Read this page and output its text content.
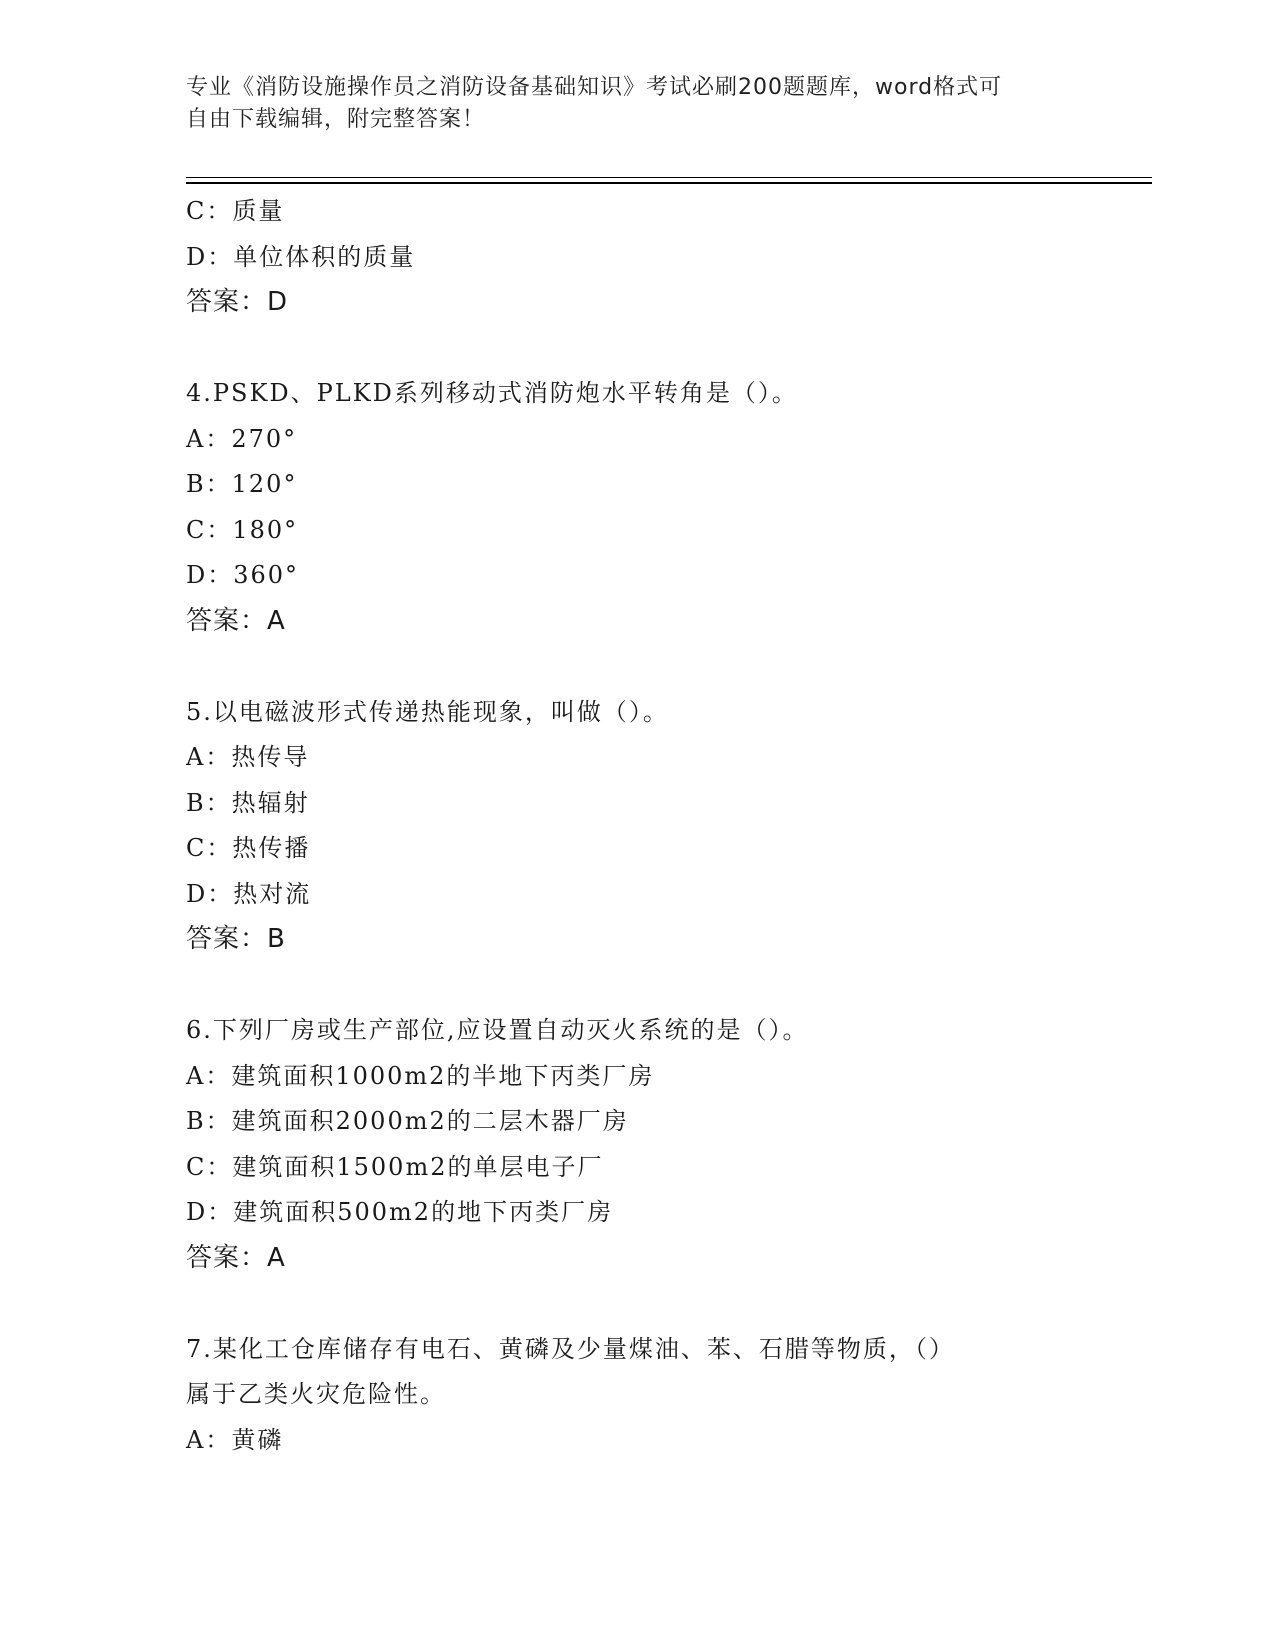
专业《消防设施操作员之消防设备基础知识》考试必刷200题题库，word格式可
自由下载编辑，附完整答案！
C：质量
D：单位体积的质量
答案：D
4.PSKD、PLKD系列移动式消防炮水平转角是（）。
A：270°
B：120°
C：180°
D：360°
答案：A
5.以电磁波形式传递热能现象，叫做（）。
A：热传导
B：热辐射
C：热传播
D：热对流
答案：B
6.下列厂房或生产部位,应设置自动灭火系统的是（）。
A：建筑面积1000m2的半地下丙类厂房
B：建筑面积2000m2的二层木器厂房
C：建筑面积1500m2的单层电子厂
D：建筑面积500m2的地下丙类厂房
答案：A
7.某化工仓库储存有电石、黄磷及少量煤油、苯、石腊等物质，（）
属于乙类火灾危险性。
A：黄磷
